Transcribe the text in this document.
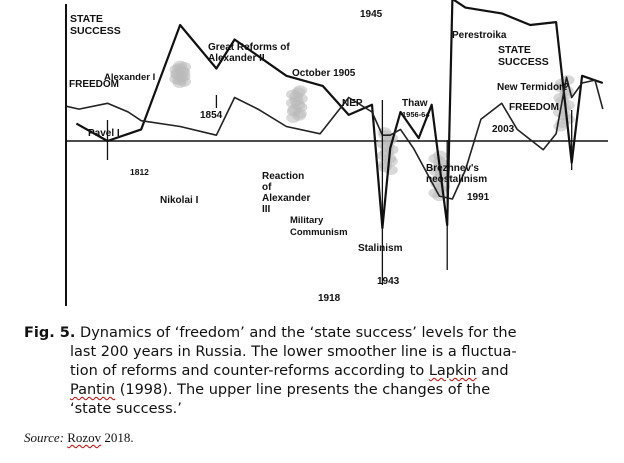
STATE
SUCCESS
STATE
SUCCESS
FREEDOM
FREEDOM
Alexander I
Pavel I
1812
Nikolai I
Great Reforms of
Alexander II
1854
Reaction
of
Alexander
III
October 1905
Military
Communism
NEP
1918
1945
Stalinism
1943
Thaw
1956-64
Perestroika
New Termidor?
2003
Brezhnev's
neostalinism
1991
Fig. 5. Dynamics of ‘freedom’ and the ‘state success’ levels for the
last 200 years in Russia. The lower smoother line is a fluctua-
tion of reforms and counter-reforms according to Lapkin and
Pantin (1998). The upper line presents the changes of the
‘state success.’
Source: Rozov 2018.
